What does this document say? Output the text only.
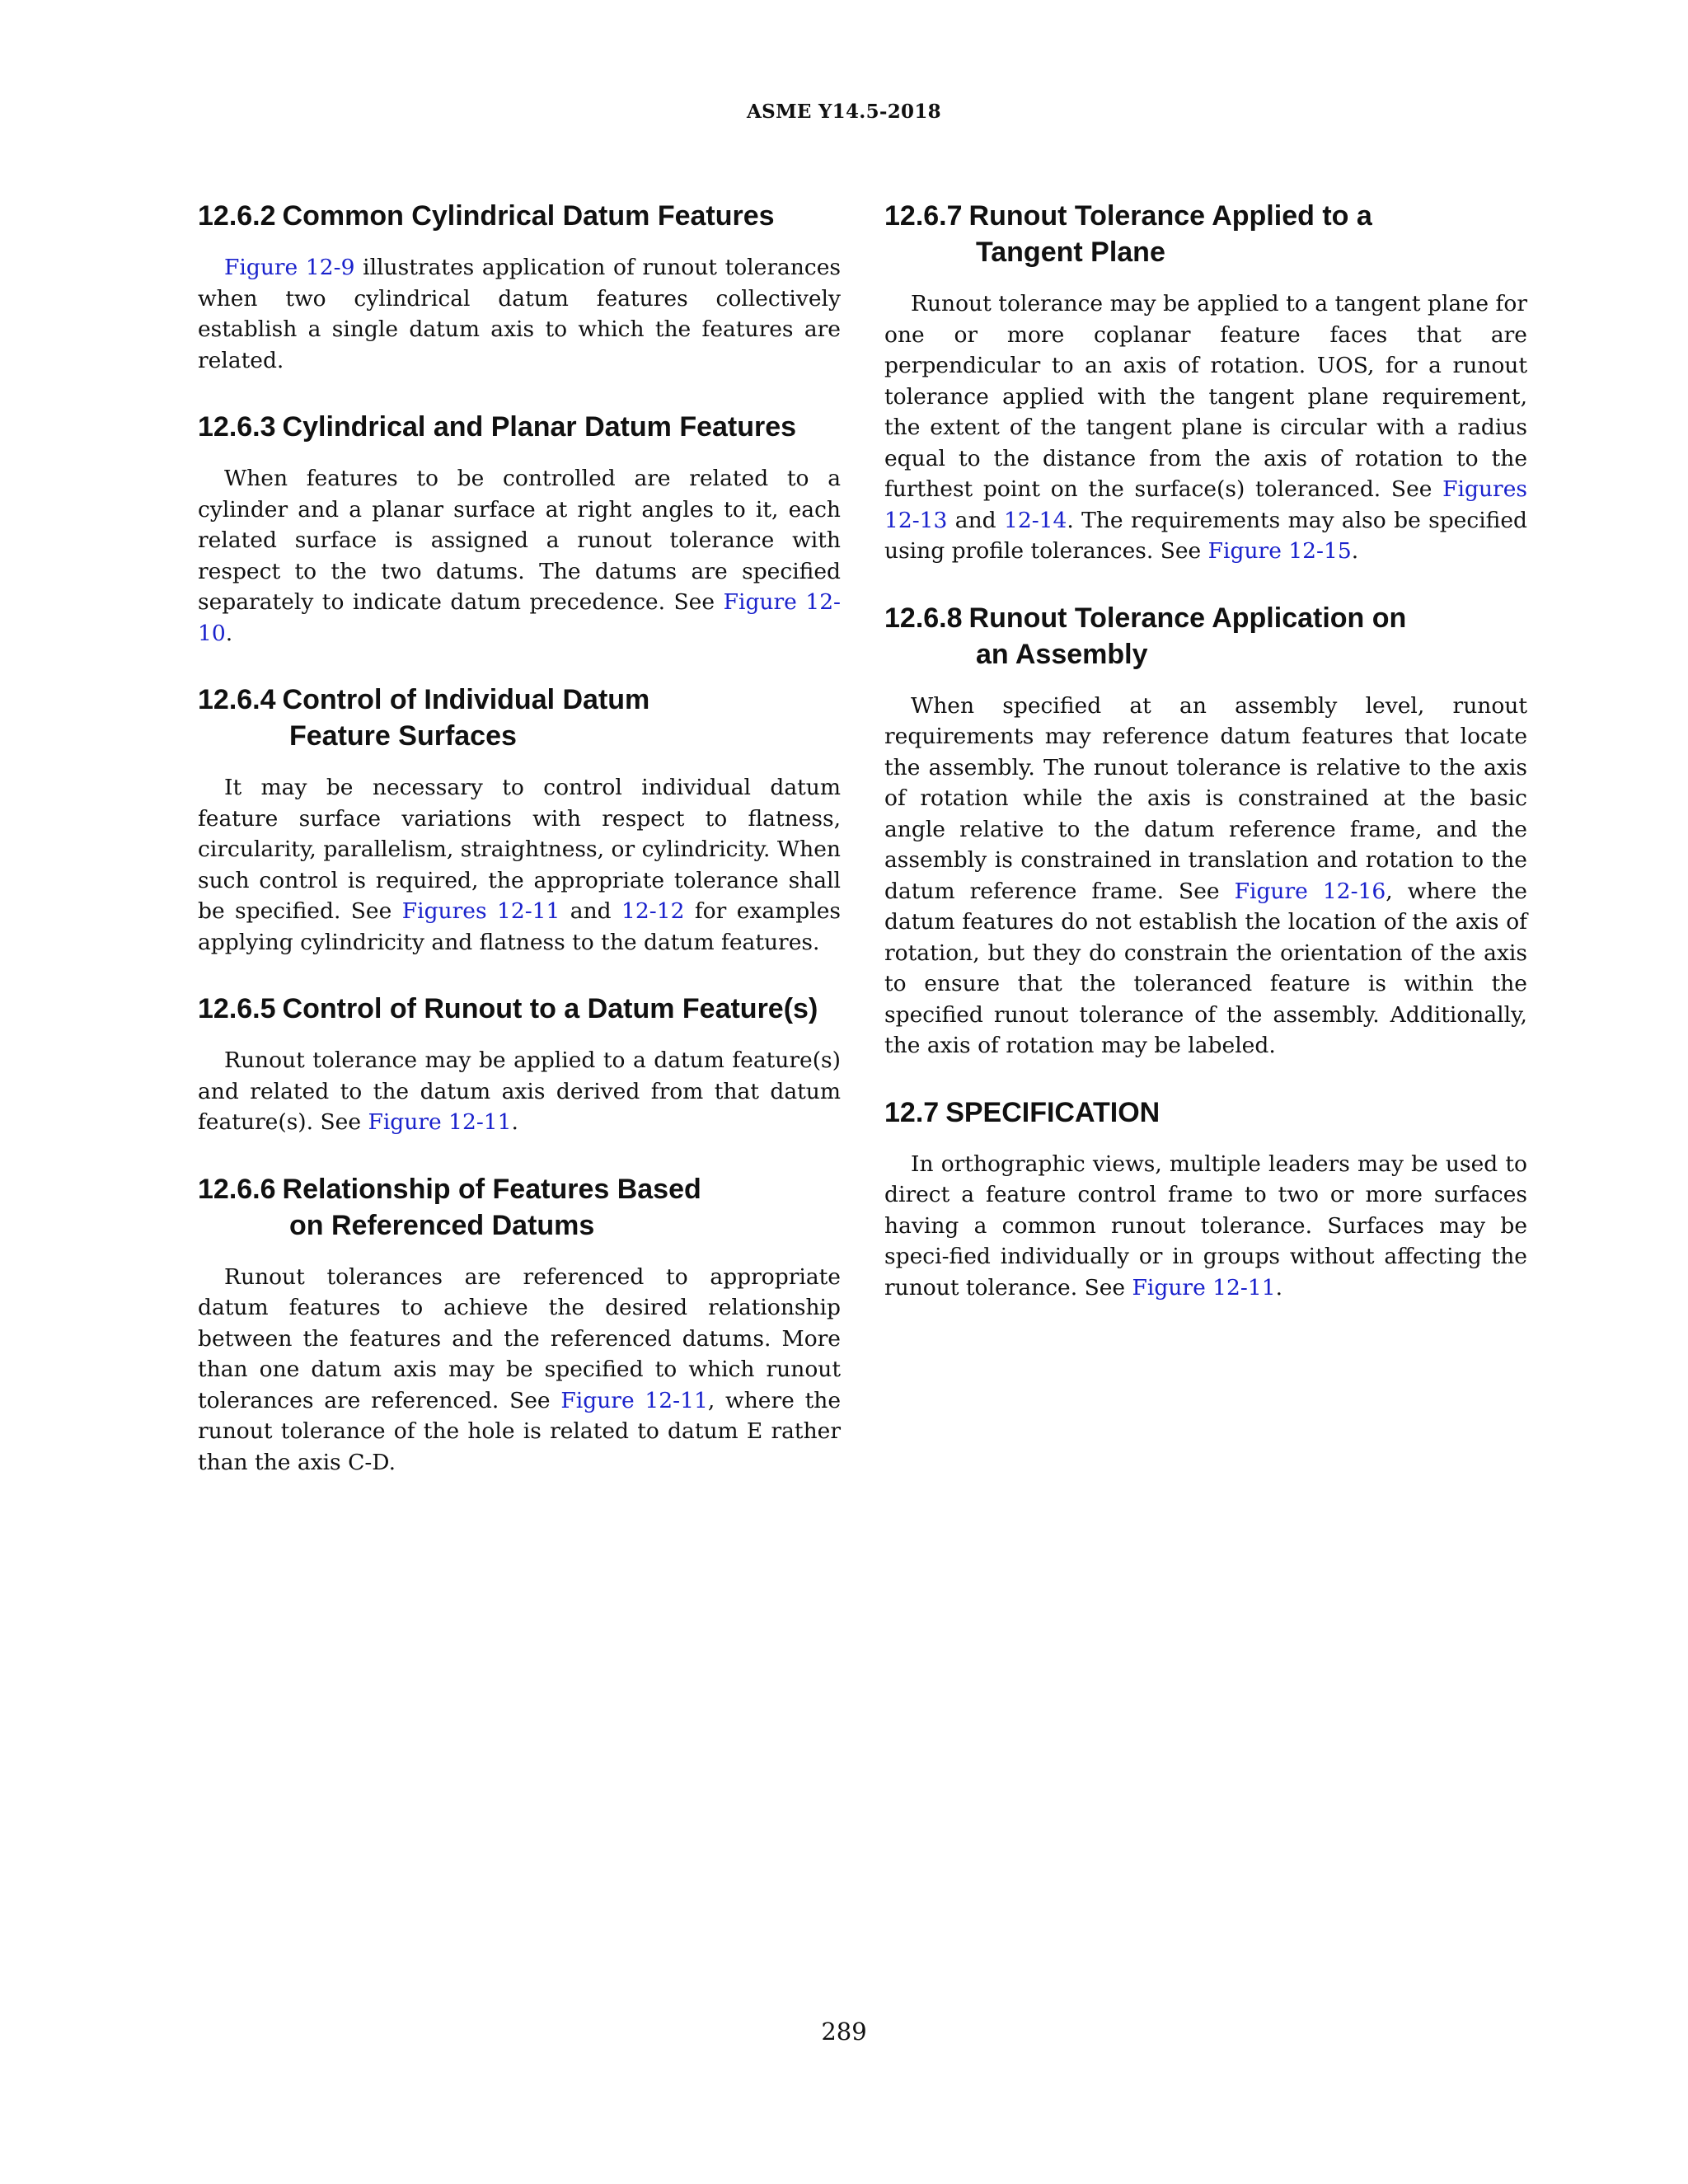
ASME Y14.5-2018
12.6.2 Common Cylindrical Datum Features

Figure 12-9 illustrates application of runout tolerances when two cylindrical datum features collectively establish a single datum axis to which the features are related.

12.6.3 Cylindrical and Planar Datum Features

When features to be controlled are related to a cylinder and a planar surface at right angles to it, each related surface is assigned a runout tolerance with respect to the two datums. The datums are specified separately to indicate datum precedence. See Figure 12-10.

12.6.4 Control of Individual Datum
Feature Surfaces

It may be necessary to control individual datum feature surface variations with respect to flatness, circularity, parallelism, straightness, or cylindricity. When such control is required, the appropriate tolerance shall be specified. See Figures 12-11 and 12-12 for examples applying cylindricity and flatness to the datum features.

12.6.5 Control of Runout to a Datum Feature(s)

Runout tolerance may be applied to a datum feature(s) and related to the datum axis derived from that datum feature(s). See Figure 12-11.

12.6.6 Relationship of Features Based
on Referenced Datums

Runout tolerances are referenced to appropriate datum features to achieve the desired relationship between the features and the referenced datums. More than one datum axis may be specified to which runout tolerances are referenced. See Figure 12-11, where the runout tolerance of the hole is related to datum E rather than the axis C-D.

12.6.7 Runout Tolerance Applied to a
Tangent Plane

Runout tolerance may be applied to a tangent plane for one or more coplanar feature faces that are perpendicular to an axis of rotation. UOS, for a runout tolerance applied with the tangent plane requirement, the extent of the tangent plane is circular with a radius equal to the distance from the axis of rotation to the furthest point on the surface(s) toleranced. See Figures 12-13 and 12-14. The requirements may also be specified using profile tolerances. See Figure 12-15.

12.6.8 Runout Tolerance Application on
an Assembly

When specified at an assembly level, runout requirements may reference datum features that locate the assembly. The runout tolerance is relative to the axis of rotation while the axis is constrained at the basic angle relative to the datum reference frame, and the assembly is constrained in translation and rotation to the datum reference frame. See Figure 12-16, where the datum features do not establish the location of the axis of rotation, but they do constrain the orientation of the axis to ensure that the toleranced feature is within the specified runout tolerance of the assembly. Additionally, the axis of rotation may be labeled.

12.7 SPECIFICATION

In orthographic views, multiple leaders may be used to direct a feature control frame to two or more surfaces having a common runout tolerance. Surfaces may be speci-fied individually or in groups without affecting the runout tolerance. See Figure 12-11.

289
